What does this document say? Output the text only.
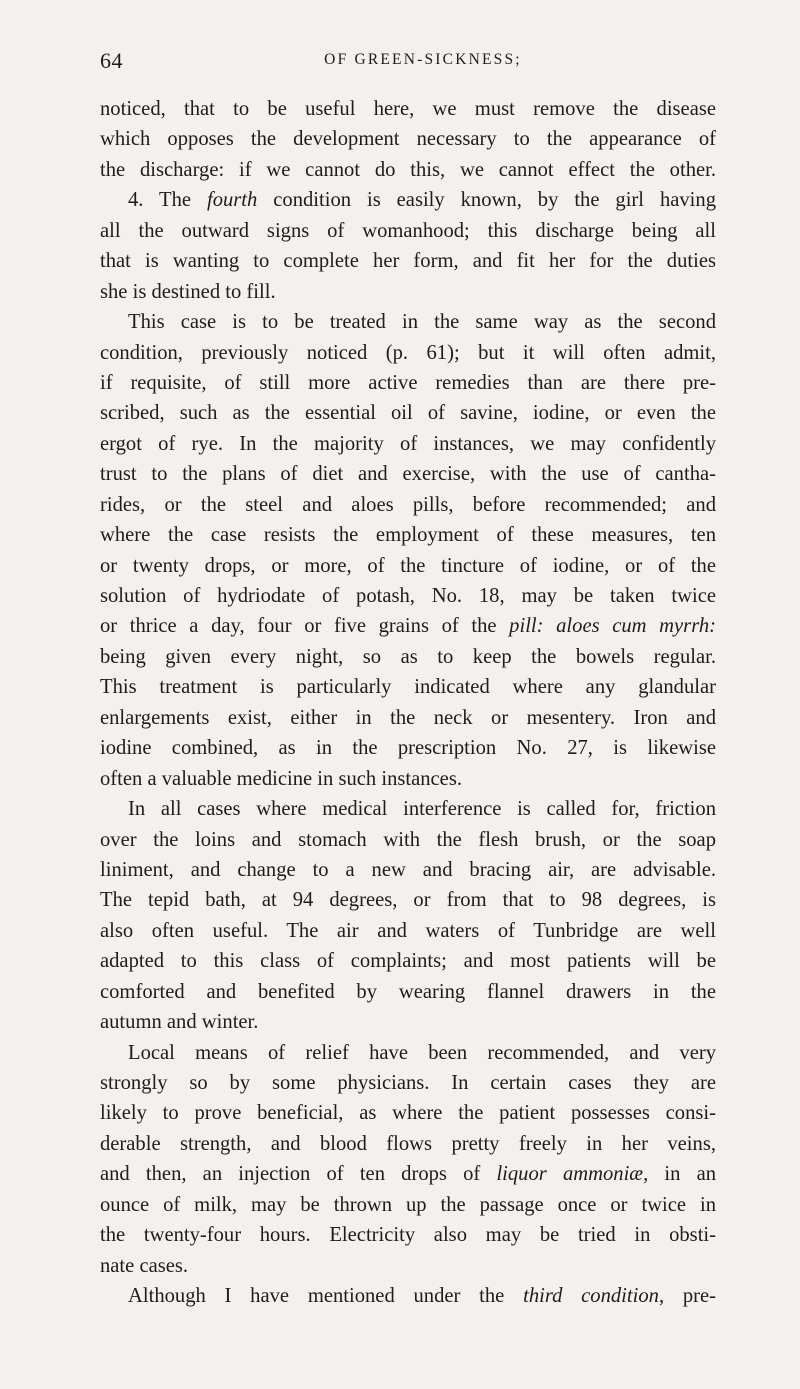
64	OF GREEN-SICKNESS;
noticed, that to be useful here, we must remove the disease
which opposes the development necessary to the appearance of
the discharge: if we cannot do this, we cannot effect the other.
4. The fourth condition is easily known, by the girl having
all the outward signs of womanhood; this discharge being all
that is wanting to complete her form, and fit her for the duties
she is destined to fill.
This case is to be treated in the same way as the second
condition, previously noticed (p. 61); but it will often admit,
if requisite, of still more active remedies than are there pre-
scribed, such as the essential oil of savine, iodine, or even the
ergot of rye. In the majority of instances, we may confidently
trust to the plans of diet and exercise, with the use of cantha-
rides, or the steel and aloes pills, before recommended; and
where the case resists the employment of these measures, ten
or twenty drops, or more, of the tincture of iodine, or of the
solution of hydriodate of potash, No. 18, may be taken twice
or thrice a day, four or five grains of the pill: aloes cum myrrh:
being given every night, so as to keep the bowels regular.
This treatment is particularly indicated where any glandular
enlargements exist, either in the neck or mesentery. Iron and
iodine combined, as in the prescription No. 27, is likewise
often a valuable medicine in such instances.
In all cases where medical interference is called for, friction
over the loins and stomach with the flesh brush, or the soap
liniment, and change to a new and bracing air, are advisable.
The tepid bath, at 94 degrees, or from that to 98 degrees, is
also often useful. The air and waters of Tunbridge are well
adapted to this class of complaints; and most patients will be
comforted and benefited by wearing flannel drawers in the
autumn and winter.
Local means of relief have been recommended, and very
strongly so by some physicians. In certain cases they are
likely to prove beneficial, as where the patient possesses consi-
derable strength, and blood flows pretty freely in her veins,
and then, an injection of ten drops of liquor ammoniæ, in an
ounce of milk, may be thrown up the passage once or twice in
the twenty-four hours. Electricity also may be tried in obsti-
nate cases.
Although I have mentioned under the third condition, pre-
